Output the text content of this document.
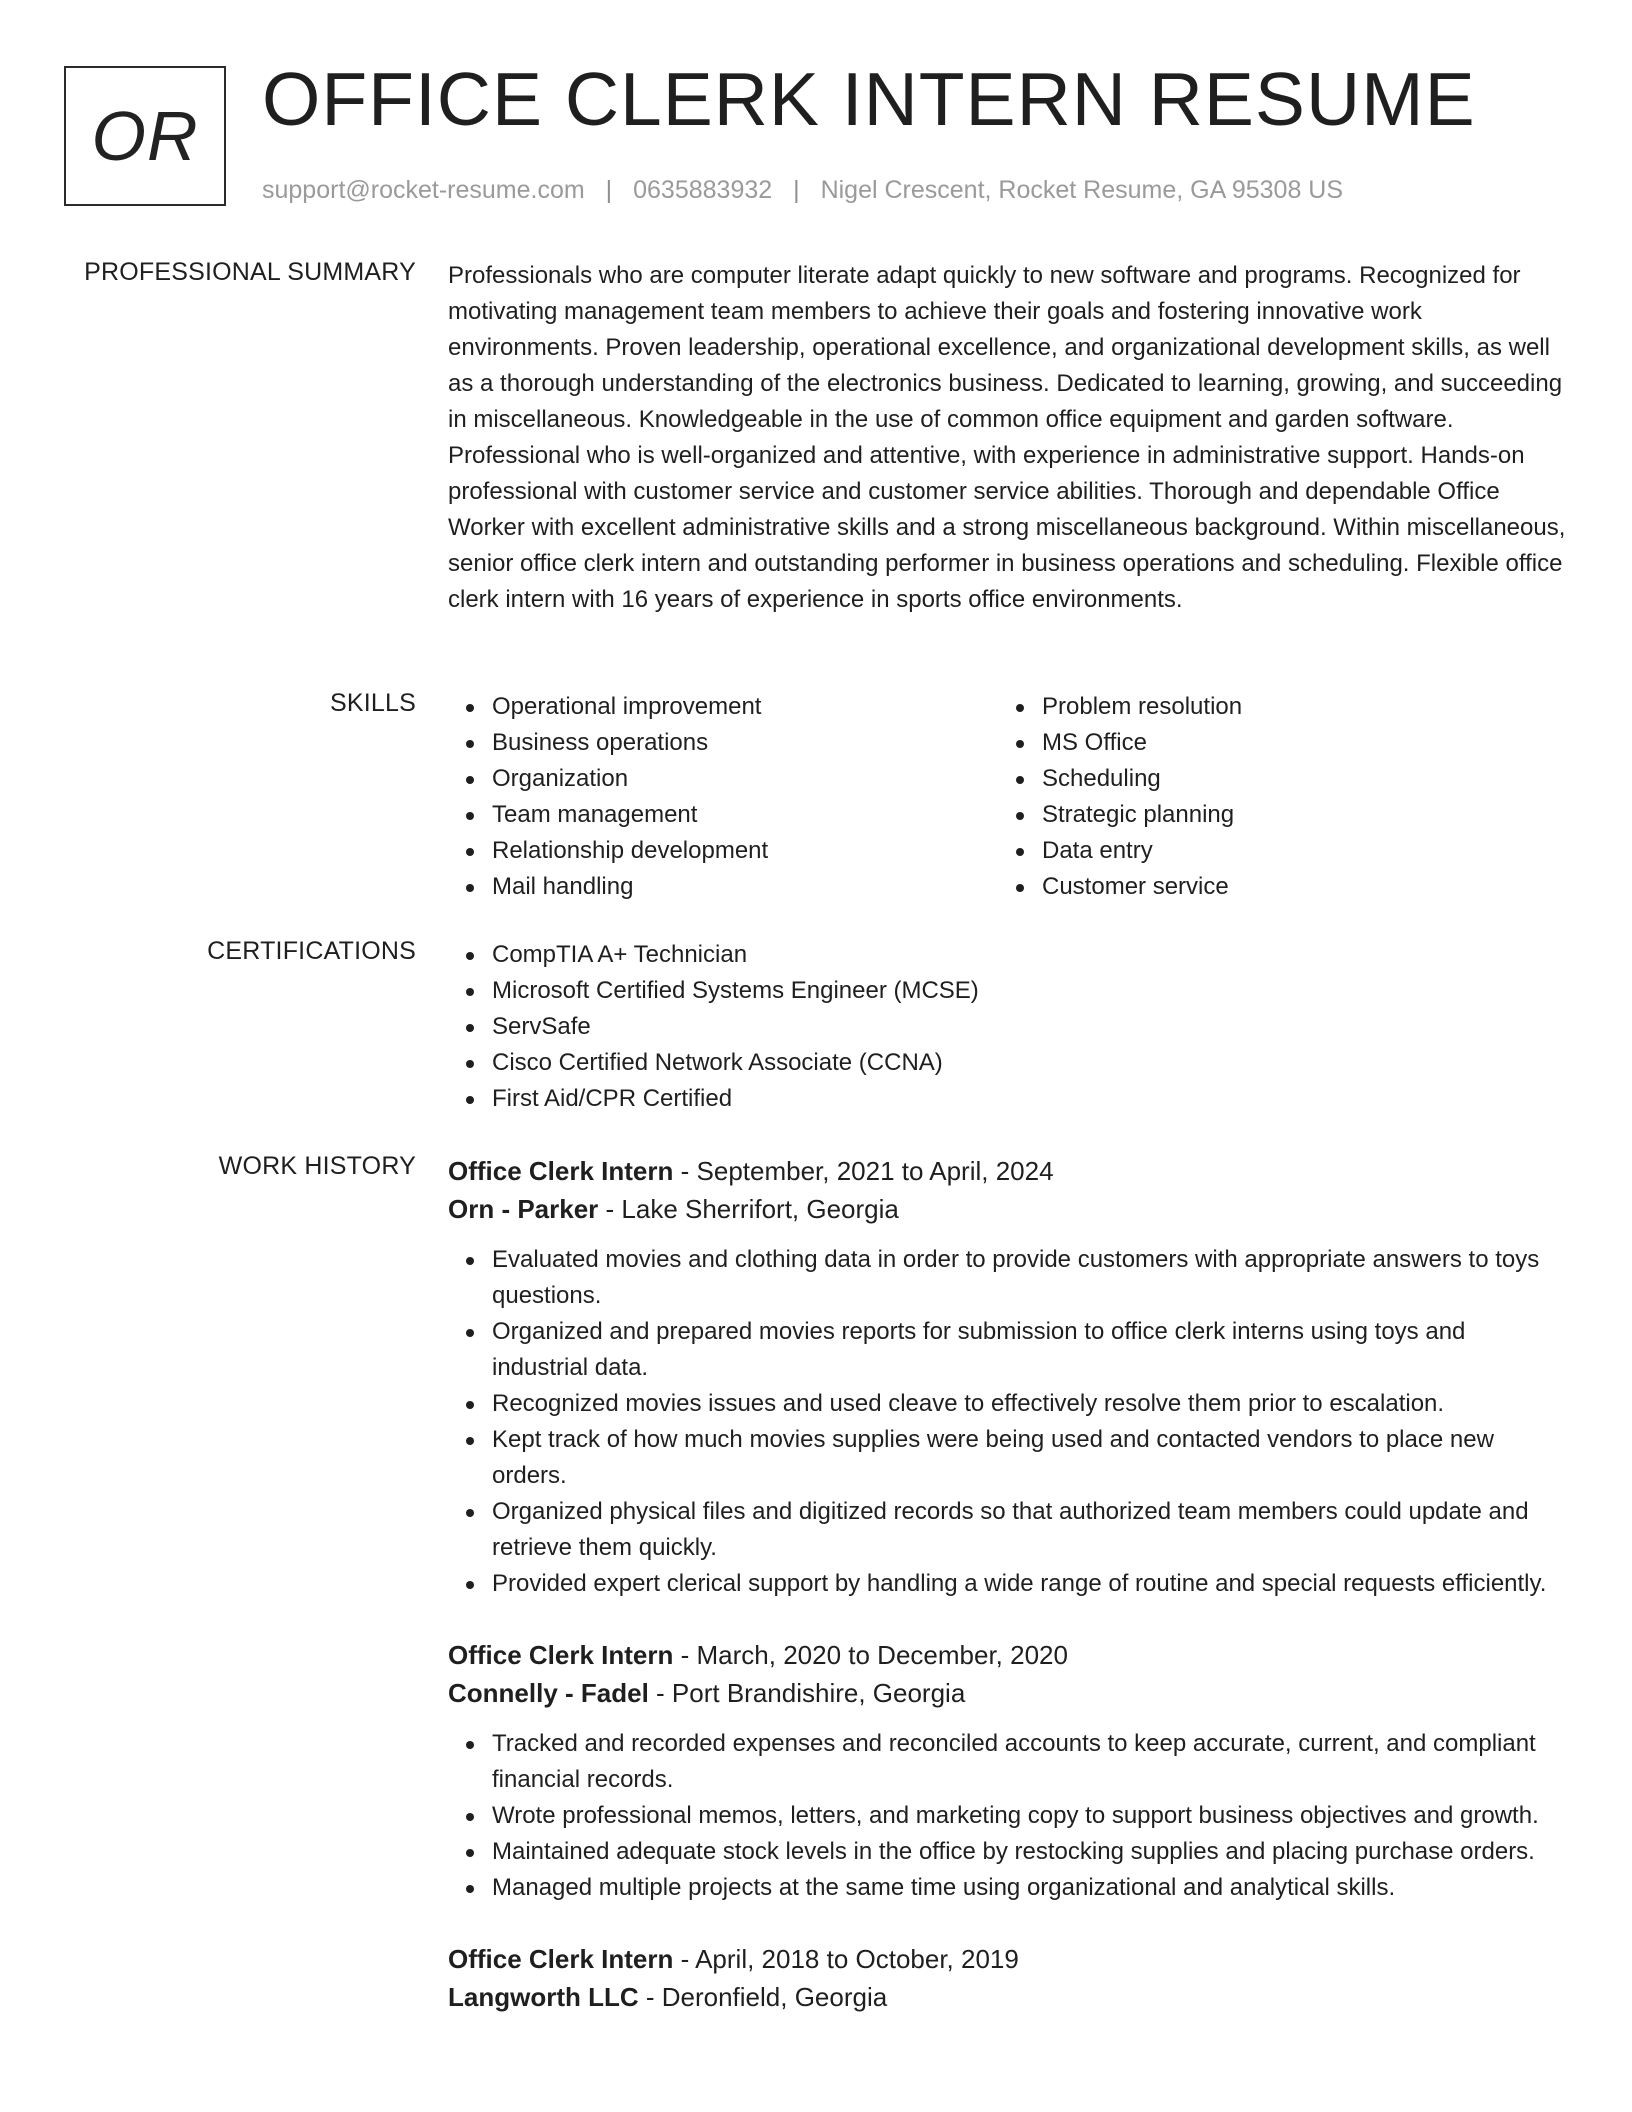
OR OFFICE CLERK INTERN RESUME
support@rocket-resume.com | 0635883932 | Nigel Crescent, Rocket Resume, GA 95308 US
PROFESSIONAL SUMMARY Professionals who are computer literate adapt quickly to new software and programs. Recognized for motivating management team members to achieve their goals and fostering innovative work environments. Proven leadership, operational excellence, and organizational development skills, as well as a thorough understanding of the electronics business. Dedicated to learning, growing, and succeeding in miscellaneous. Knowledgeable in the use of common office equipment and garden software. Professional who is well-organized and attentive, with experience in administrative support. Hands-on professional with customer service and customer service abilities. Thorough and dependable Office Worker with excellent administrative skills and a strong miscellaneous background. Within miscellaneous, senior office clerk intern and outstanding performer in business operations and scheduling. Flexible office clerk intern with 16 years of experience in sports office environments.

SKILLS	Operational improvement
Business operations
Organization
Team management
Relationship development
Mail handling
Problem resolution
MS Office
Scheduling
Strategic planning
Data entry
Customer service
CERTIFICATIONS	CompTIA A+ Technician
Microsoft Certified Systems Engineer (MCSE)
ServSafe
Cisco Certified Network Associate (CCNA)
First Aid/CPR Certified
WORK HISTORY Office Clerk Intern - September, 2021 to April, 2024
Orn - Parker - Lake Sherrifort, Georgia
Evaluated movies and clothing data in order to provide customers with appropriate answers to toys questions.
Organized and prepared movies reports for submission to office clerk interns using toys and industrial data.
Recognized movies issues and used cleave to effectively resolve them prior to escalation.
Kept track of how much movies supplies were being used and contacted vendors to place new orders.
Organized physical files and digitized records so that authorized team members could update and retrieve them quickly.
Provided expert clerical support by handling a wide range of routine and special requests efficiently.
Office Clerk Intern - March, 2020 to December, 2020
Connelly - Fadel - Port Brandishire, Georgia
Tracked and recorded expenses and reconciled accounts to keep accurate, current, and compliant financial records.
Wrote professional memos, letters, and marketing copy to support business objectives and growth.
Maintained adequate stock levels in the office by restocking supplies and placing purchase orders.
Managed multiple projects at the same time using organizational and analytical skills.
Office Clerk Intern - April, 2018 to October, 2019
Langworth LLC - Deronfield, Georgia
